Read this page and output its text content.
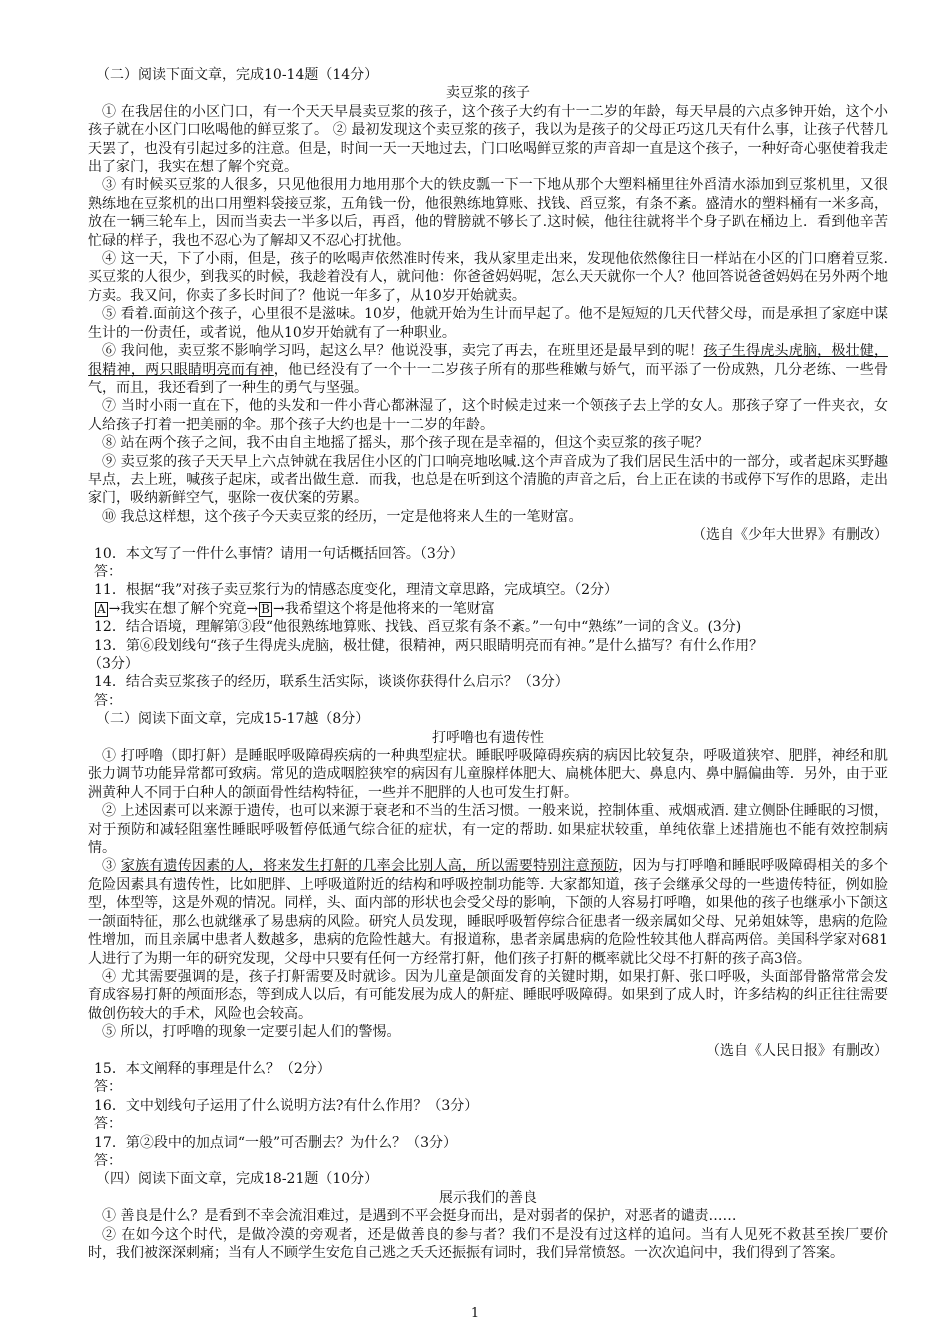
（二）阅读下面文章，完成10-14题（14分）

卖豆浆的孩子

① 在我居住的小区门口，有一个天天早晨卖豆浆的孩子，这个孩子大约有十一二岁的年龄，每天早晨的六点多钟开始，这个小孩子就在小区门口吆喝他的鲜豆浆了。 ② 最初发现这个卖豆浆的孩子，我以为是孩子的父母正巧这几天有什么事，让孩子代替几天罢了，也没有引起过多的注意。但是，时间一天一天地过去，门口吆喝鲜豆浆的声音却一直是这个孩子，一种好奇心驱使着我走出了家门，我实在想了解个究竟。

③ 有时候买豆浆的人很多，只见他很用力地用那个大的铁皮瓢一下一下地从那个大塑料桶里往外舀清水添加到豆浆机里，又很熟练地在豆浆机的出口用塑料袋接豆浆，五角钱一份，他很熟练地算账、找钱、舀豆浆，有条不紊。盛清水的塑料桶有一米多高，放在一辆三轮车上，因而当卖去一半多以后，再舀，他的臂膀就不够长了.这时候，他往往就将半个身子趴在桶边上．看到他辛苦忙碌的样子，我也不忍心为了解却又不忍心打扰他。

④ 这一天，下了小雨，但是，孩子的吆喝声依然准时传来，我从家里走出来，发现他依然像往日一样站在小区的门口磨着豆浆.买豆浆的人很少，到我买的时候，我趁着没有人，就问他：你爸爸妈妈呢，怎么天天就你一个人？他回答说爸爸妈妈在另外两个地方卖。我又问，你卖了多长时间了？他说一年多了，从10岁开始就卖。

⑤ 看着.面前这个孩子，心里很不是滋味。10岁，他就开始为生计而早起了。他不是短短的几天代替父母，而是承担了家庭中谋生计的一份责任，或者说，他从10岁开始就有了一种职业。

⑥ 我问他，卖豆浆不影响学习吗，起这么早？他说没事，卖完了再去，在班里还是最早到的呢！孩子生得虎头虎脑，极壮健，很精神，两只眼睛明亮而有神，他已经没有了一个十一二岁孩子所有的那些稚嫩与娇气，而平添了一份成熟，几分老练、一些骨气，而且，我还看到了一种生的勇气与坚强。

⑦ 当时小雨一直在下，他的头发和一件小背心都淋湿了，这个时候走过来一个领孩子去上学的女人。那孩子穿了一件夹衣，女人给孩子打着一把美丽的伞。那个孩子大约也是十一二岁的年龄。

⑧ 站在两个孩子之间，我不由自主地摇了摇头，那个孩子现在是幸福的，但这个卖豆浆的孩子呢？

⑨ 卖豆浆的孩子天天早上六点钟就在我居住小区的门口响亮地吆喊.这个声音成为了我们居民生活中的一部分，或者起床买野趣早点，去上班，喊孩子起床，或者出做生意．而我，也总是在听到这个清脆的声音之后，台上正在读的书或停下写作的思路，走出家门，吸纳新鲜空气，驱除一夜伏案的劳累。

⑩ 我总这样想，这个孩子今天卖豆浆的经历，一定是他将来人生的一笔财富。

（选自《少年大世界》有删改）

10．本文写了一件什么事情？请用一句话概括回答。（3分）

答：

11．根据“我”对孩子卖豆浆行为的情感态度变化，理清文章思路，完成填空。（2分）

A →我实在想了解个究竟→ B →我希望这个将是他将来的一笔财富

12．结合语境，理解第③段“他很熟练地算账、找钱、舀豆浆有条不紊。”一句中“熟练”一词的含义。(3分)

13．第⑥段划线句“孩子生得虎头虎脑，极壮健，很精神，两只眼睛明亮而有神。”是什么描写？有什么作用？

（3分）

14．结合卖豆浆孩子的经历，联系生活实际，谈谈你获得什么启示？（3分）

答：

（二）阅读下面文章，完成15-17越（8分）

打呼噜也有遗传性

① 打呼噜（即打鼾）是睡眠呼吸障碍疾病的一种典型症状。睡眠呼吸障碍疾病的病因比较复杂，呼吸道狭窄、肥胖，神经和肌张力调节功能异常都可致病。常见的造成咽腔狭窄的病因有儿童腺样体肥大、扁桃体肥大、鼻息内、鼻中膈偏曲等．另外，由于亚洲黄种人不同于白种人的颌面骨性结构特征，一些并不肥胖的人也可发生打鼾。

② 上述因素可以来源于遗传，也可以来源于衰老和不当的生活习惯。一般来说，控制体重、戒烟戒酒. 建立侧卧住睡眠的习惯，对于预防和减轻阻塞性睡眠呼吸暂停低通气综合征的症状，有一定的帮助. 如果症状较重，单纯依靠上述措施也不能有效控制病情。

③ 家族有遗传因素的人，将来发生打鼾的几率会比别人高，所以需要特别注意预防，因为与打呼噜和睡眠呼吸障碍相关的多个危险因素具有遗传性，比如肥胖、上呼吸道附近的结构和呼吸控制功能等. 大家都知道，孩子会继承父母的一些遗传特征，例如脸型，体型等，这是外观的情况。同样，头、面内部的形状也会受父母的影响，下颌的人容易打呼噜，如果他的孩子也继承小下颌这一颌面特征，那么也就继承了易患病的风险。研究人员发现，睡眠呼吸暂停综合征患者一级亲属如父母、兄弟姐妹等，患病的危险性增加，而且亲属中患者人数越多，患病的危险性越大。有报道称，患者亲属患病的危险性较其他人群高两倍。美国科学家对681人进行了为期一年的研究发现，父母中只要有任何一方经常打鼾，他们孩子打鼾的概率就比父母不打鼾的孩子高3倍。

④ 尤其需要强调的是，孩子打鼾需要及时就诊。因为儿童是颌面发育的关键时期，如果打鼾、张口呼吸，头面部骨骼常常会发育成容易打鼾的颅面形态，等到成人以后，有可能发展为成人的鼾症、睡眠呼吸障碍。如果到了成人时，许多结构的纠正往往需要做创伤较大的手术，风险也会较高。

⑤ 所以，打呼噜的现象一定要引起人们的警惕。

（选自《人民日报》有删改）

15．本文阐释的事理是什么？（2分）

答：

16．文中划线句子运用了什么说明方法?有什么作用？（3分）

答：

17．第②段中的加点词“一般”可否删去？为什么？（3分）

答：

（四）阅读下面文章，完成18-21题（10分）

展示我们的善良

① 善良是什么？是看到不幸会流泪难过，是遇到不平会挺身而出，是对弱者的保护，对恶者的谴责……

② 在如今这个时代，是做冷漠的旁观者，还是做善良的参与者？我们不是没有过这样的追问。当有人见死不救甚至挨厂要价时，我们被深深刺痛；当有人不顾学生安危自己逃之夭夭还振振有词时，我们异常愤怒。一次次追问中，我们得到了答案。

1
